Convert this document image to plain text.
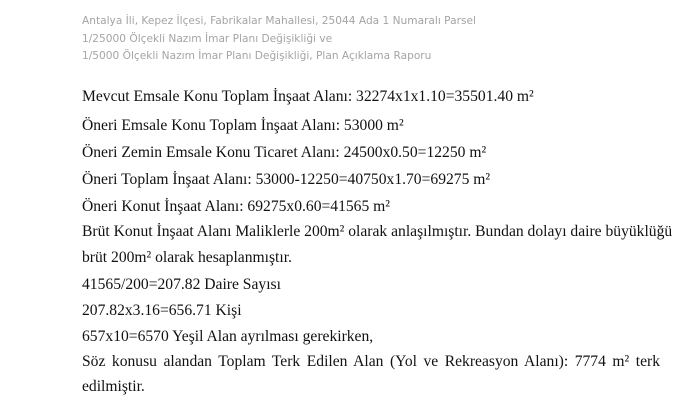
Antalya İli, Kepez İlçesi, Fabrikalar Mahallesi, 25044 Ada 1 Numaralı Parsel
1/25000 Ölçekli Nazım İmar Planı Değişikliği ve
1/5000 Ölçekli Nazım İmar Planı Değişikliği, Plan Açıklama Raporu
Mevcut Emsale Konu Toplam İnşaat Alanı: 32274x1x1.10=35501.40 m²
Öneri Emsale Konu Toplam İnşaat Alanı: 53000 m²
Öneri Zemin Emsale Konu Ticaret Alanı: 24500x0.50=12250 m²
Öneri Toplam İnşaat Alanı: 53000-12250=40750x1.70=69275 m²
Öneri Konut İnşaat Alanı: 69275x0.60=41565 m²
Brüt Konut İnşaat Alanı Maliklerle 200m² olarak anlaşılmıştır. Bundan dolayı daire büyüklüğü
brüt 200m² olarak hesaplanmıştır.
41565/200=207.82 Daire Sayısı
207.82x3.16=656.71 Kişi
657x10=6570 Yeşil Alan ayrılması gerekirken,
Söz konusu alandan Toplam Terk Edilen Alan (Yol ve Rekreasyon Alanı): 7774 m² terk
edilmiştir.
